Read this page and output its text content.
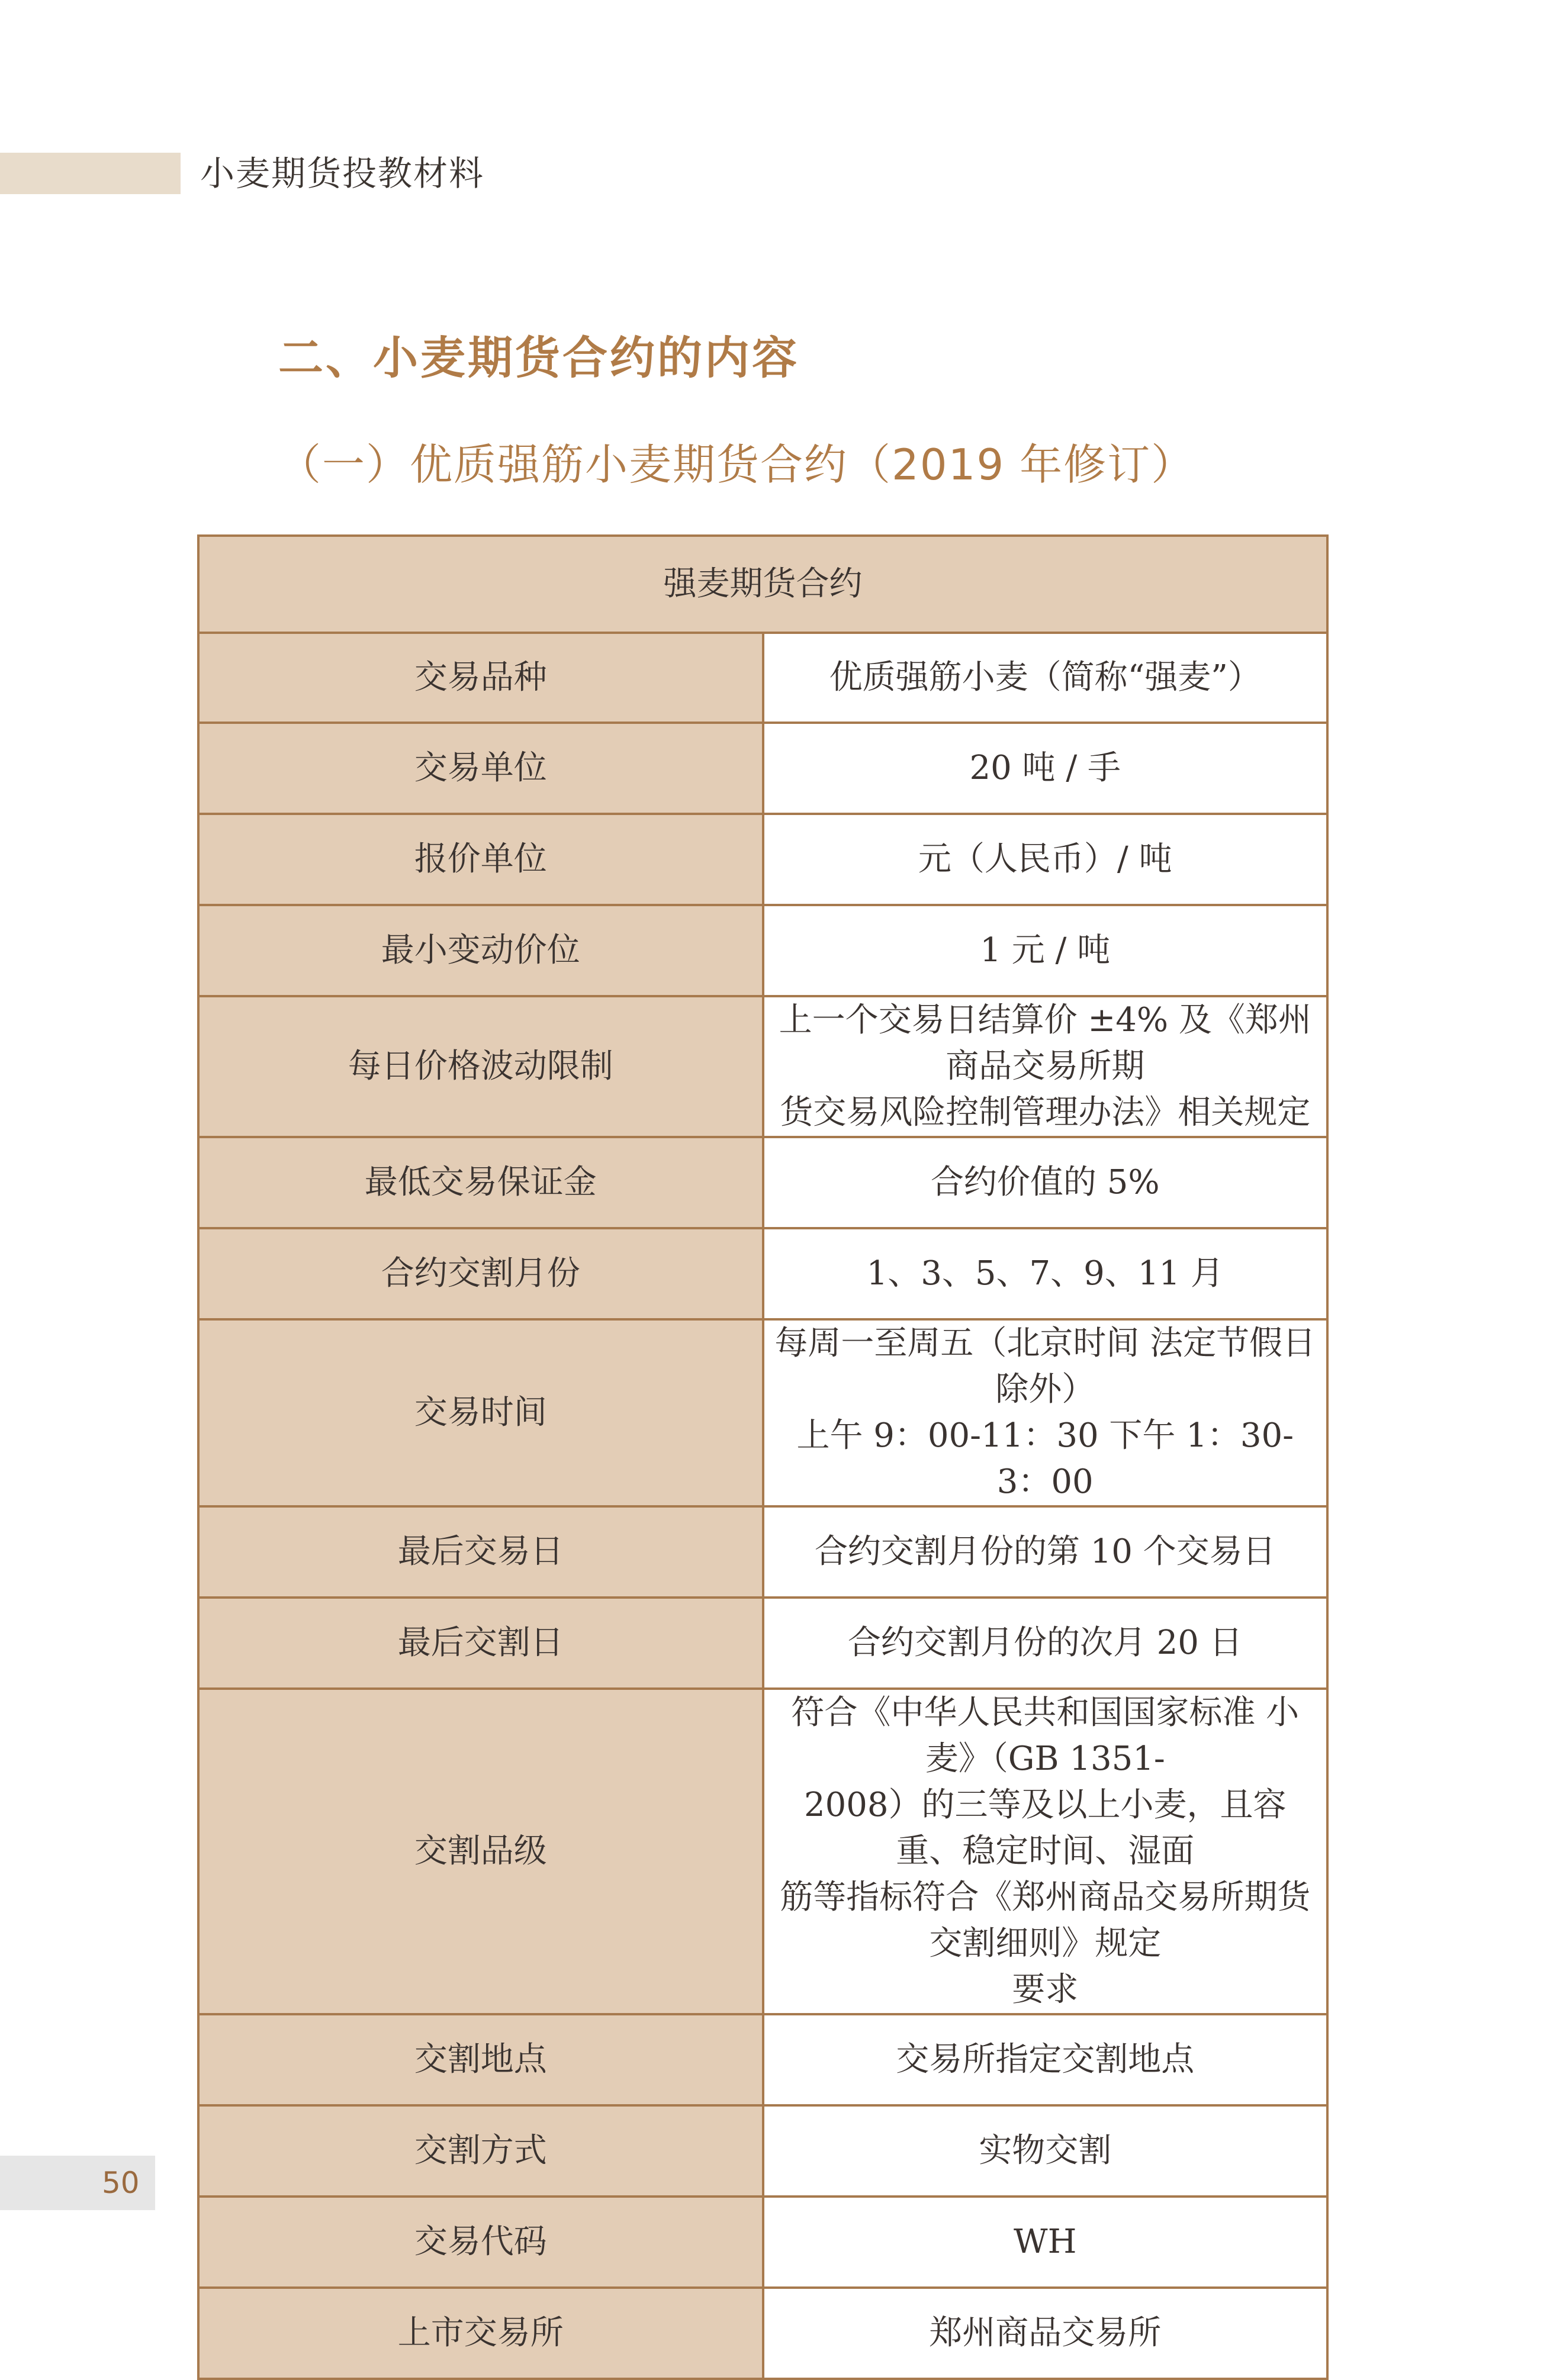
小麦期货投教材料
二、小麦期货合约的内容
（一）优质强筋小麦期货合约（2019 年修订）
强麦期货合约	
交易品种	优质强筋小麦（简称“强麦”）

交易单位	20 吨 / 手

报价单位	元（人民币）/ 吨

最小变动价位	1 元 / 吨

每日价格波动限制	上一个交易日结算价 ±4% 及《郑州商品交易所期
货交易风险控制管理办法》相关规定

最低交易保证金	合约价值的 5%

合约交割月份	1、3、5、7、9、11 月

交易时间	每周一至周五（北京时间 法定节假日除外）
上午 9：00-11：30 下午 1：30-3：00

最后交易日	合约交割月份的第 10 个交易日

最后交割日	合约交割月份的次月 20 日

交割品级	符合《中华人民共和国国家标准 小麦》（GB 1351-
2008）的三等及以上小麦，且容重、稳定时间、湿面
筋等指标符合《郑州商品交易所期货交割细则》规定
要求

交割地点	交易所指定交割地点

交割方式	实物交割

交易代码	WH

上市交易所	郑州商品交易所
50
